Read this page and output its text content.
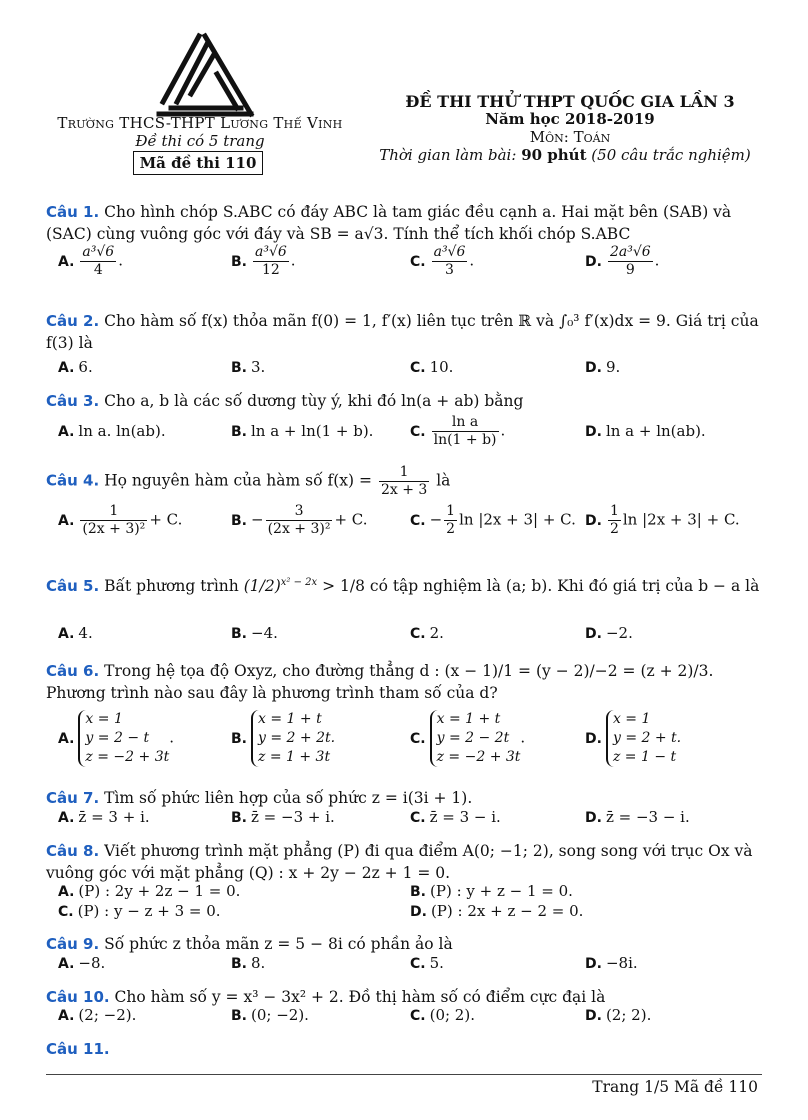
Trường THCS-THPT Lương Thế Vinh
Đề thi có 5 trang
Mã đề thi 110
ĐỀ THI THỬ THPT QUỐC GIA LẦN 3
Năm học 2018-2019
Môn: Toán
Thời gian làm bài: 90 phút (50 câu trắc nghiệm)
Câu 1. Cho hình chóp S.ABC có đáy ABC là tam giác đều cạnh a. Hai mặt bên (SAB) và (SAC) cùng vuông góc với đáy và SB = a√3. Tính thể tích khối chóp S.ABC
A. $\frac{\text{a³√6}}{4}$ .	B. $\frac{\text{a³√6}}{12}$ .	C. $\frac{\text{a³√6}}{3}$ .	D. $\frac{\text{2a³√6}}{9}$ .
Câu 2. Cho hàm số f(x) thỏa mãn f(0) = 1, f′(x) liên tục trên ℝ và ∫₀³ f′(x)dx = 9. Giá trị của f(3) là
A. 6.	B. 3.	C. 10.	D. 9.
Câu 3. Cho a, b là các số dương tùy ý, khi đó ln(a + ab) bằng
A. ln a. ln(ab).	B. ln a + ln(1 + b).	C. $\frac{\text{ln a}}{\ln(1 + b)}$ .	D. ln a + ln(ab).
Câu 4. Họ nguyên hàm của hàm số $f(x) = \frac{1}{2x + 3}$ là
A. $\frac{1}{\text{(2x + 3)²}} + C$.	B. − $\frac{3}{\text{(2x + 3)²}} + C$.	C. − $\frac{1}{2}$ ln |2x + 3| + C. D. $\frac{1}{2}$ ln |2x + 3| + C.
Câu 5. Bất phương trình $(1/2)^{x^2 - 2x} > 1/8$ có tập nghiệm là (a; b). Khi đó giá trị của b − a là
A. 4.	B. −4.	C. 2.	D. −2.
Câu 6. Trong hệ tọa độ Oxyz, cho đường thẳng d : (x − 1)/1 = (y − 2)/−2 = (z + 2)/3. Phương trình nào sau đây là phương trình tham số của d?
A.
x = 1
y = 2 − t
z = −2 + 3t
.	B.
x = 1 + t
y = 2 + 2t.
z = 1 + 3t
C.
x = 1 + t
y = 2 − 2t
z = −2 + 3t
.	D.
x = 1
y = 2 + t.
z = 1 − t
Câu 7. Tìm số phức liên hợp của số phức z = i(3i + 1).
A. z̄ = 3 + i.	B. z̄ = −3 + i.	C. z̄ = 3 − i.	D. z̄ = −3 − i.
Câu 8. Viết phương trình mặt phẳng (P) đi qua điểm A(0; −1; 2), song song với trục Ox và vuông góc với mặt phẳng (Q) : x + 2y − 2z + 1 = 0.
A. (P) : 2y + 2z − 1 = 0.	B. (P) : y + z − 1 = 0.
C. (P) : y − z + 3 = 0.	D. (P) : 2x + z − 2 = 0.
Câu 9. Số phức z thỏa mãn z = 5 − 8i có phần ảo là
A. −8.	B. 8.	C. 5.	D. −8i.
Câu 10. Cho hàm số y = x³ − 3x² + 2. Đồ thị hàm số có điểm cực đại là
A. (2; −2).	B. (0; −2).	C. (0; 2).	D. (2; 2).
Câu 11.
Trang 1/5 Mã đề 110
